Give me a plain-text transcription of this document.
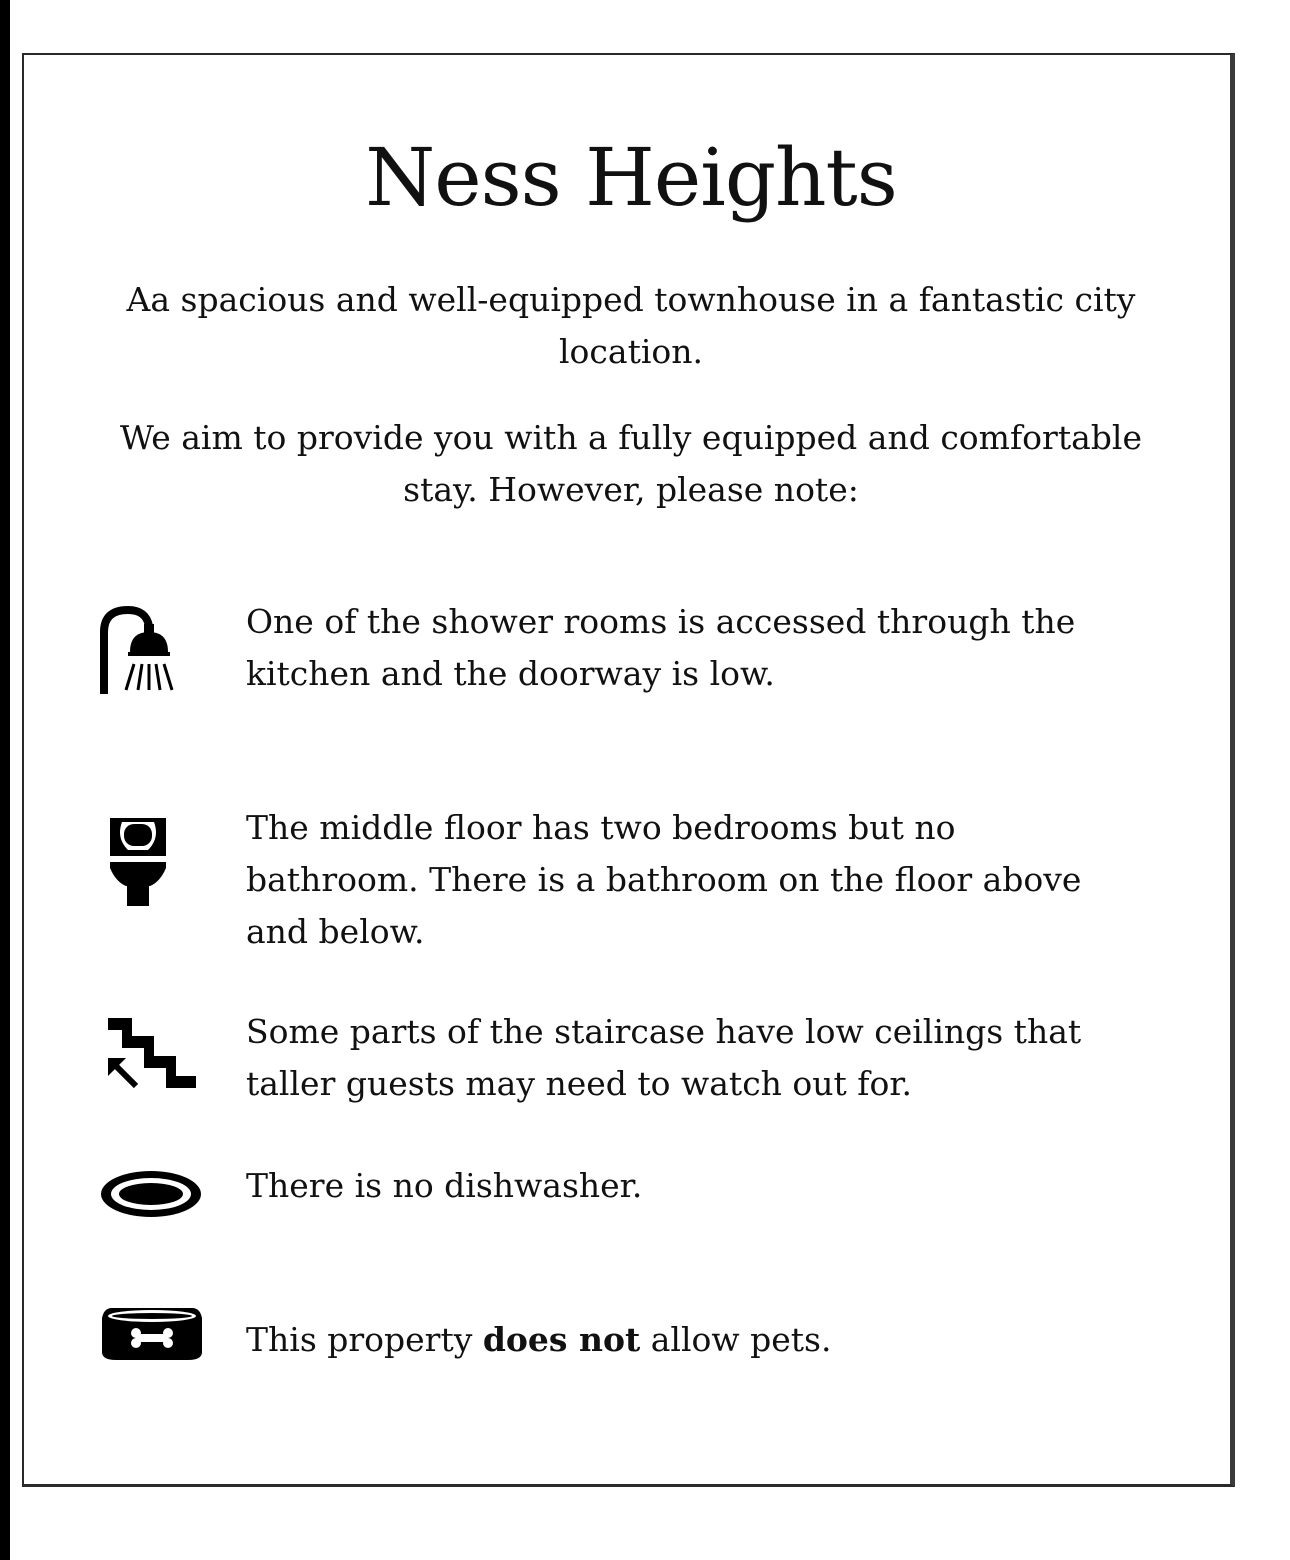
Ness Heights

Aa spacious and well-equipped townhouse in a fantastic city location.

We aim to provide you with a fully equipped and comfortable stay. However, please note:

One of the shower rooms is accessed through the kitchen and the doorway is low.

The middle floor has two bedrooms but no bathroom. There is a bathroom on the floor above and below.

Some parts of the staircase have low ceilings that taller guests may need to watch out for.

There is no dishwasher.

This property does not allow pets.
